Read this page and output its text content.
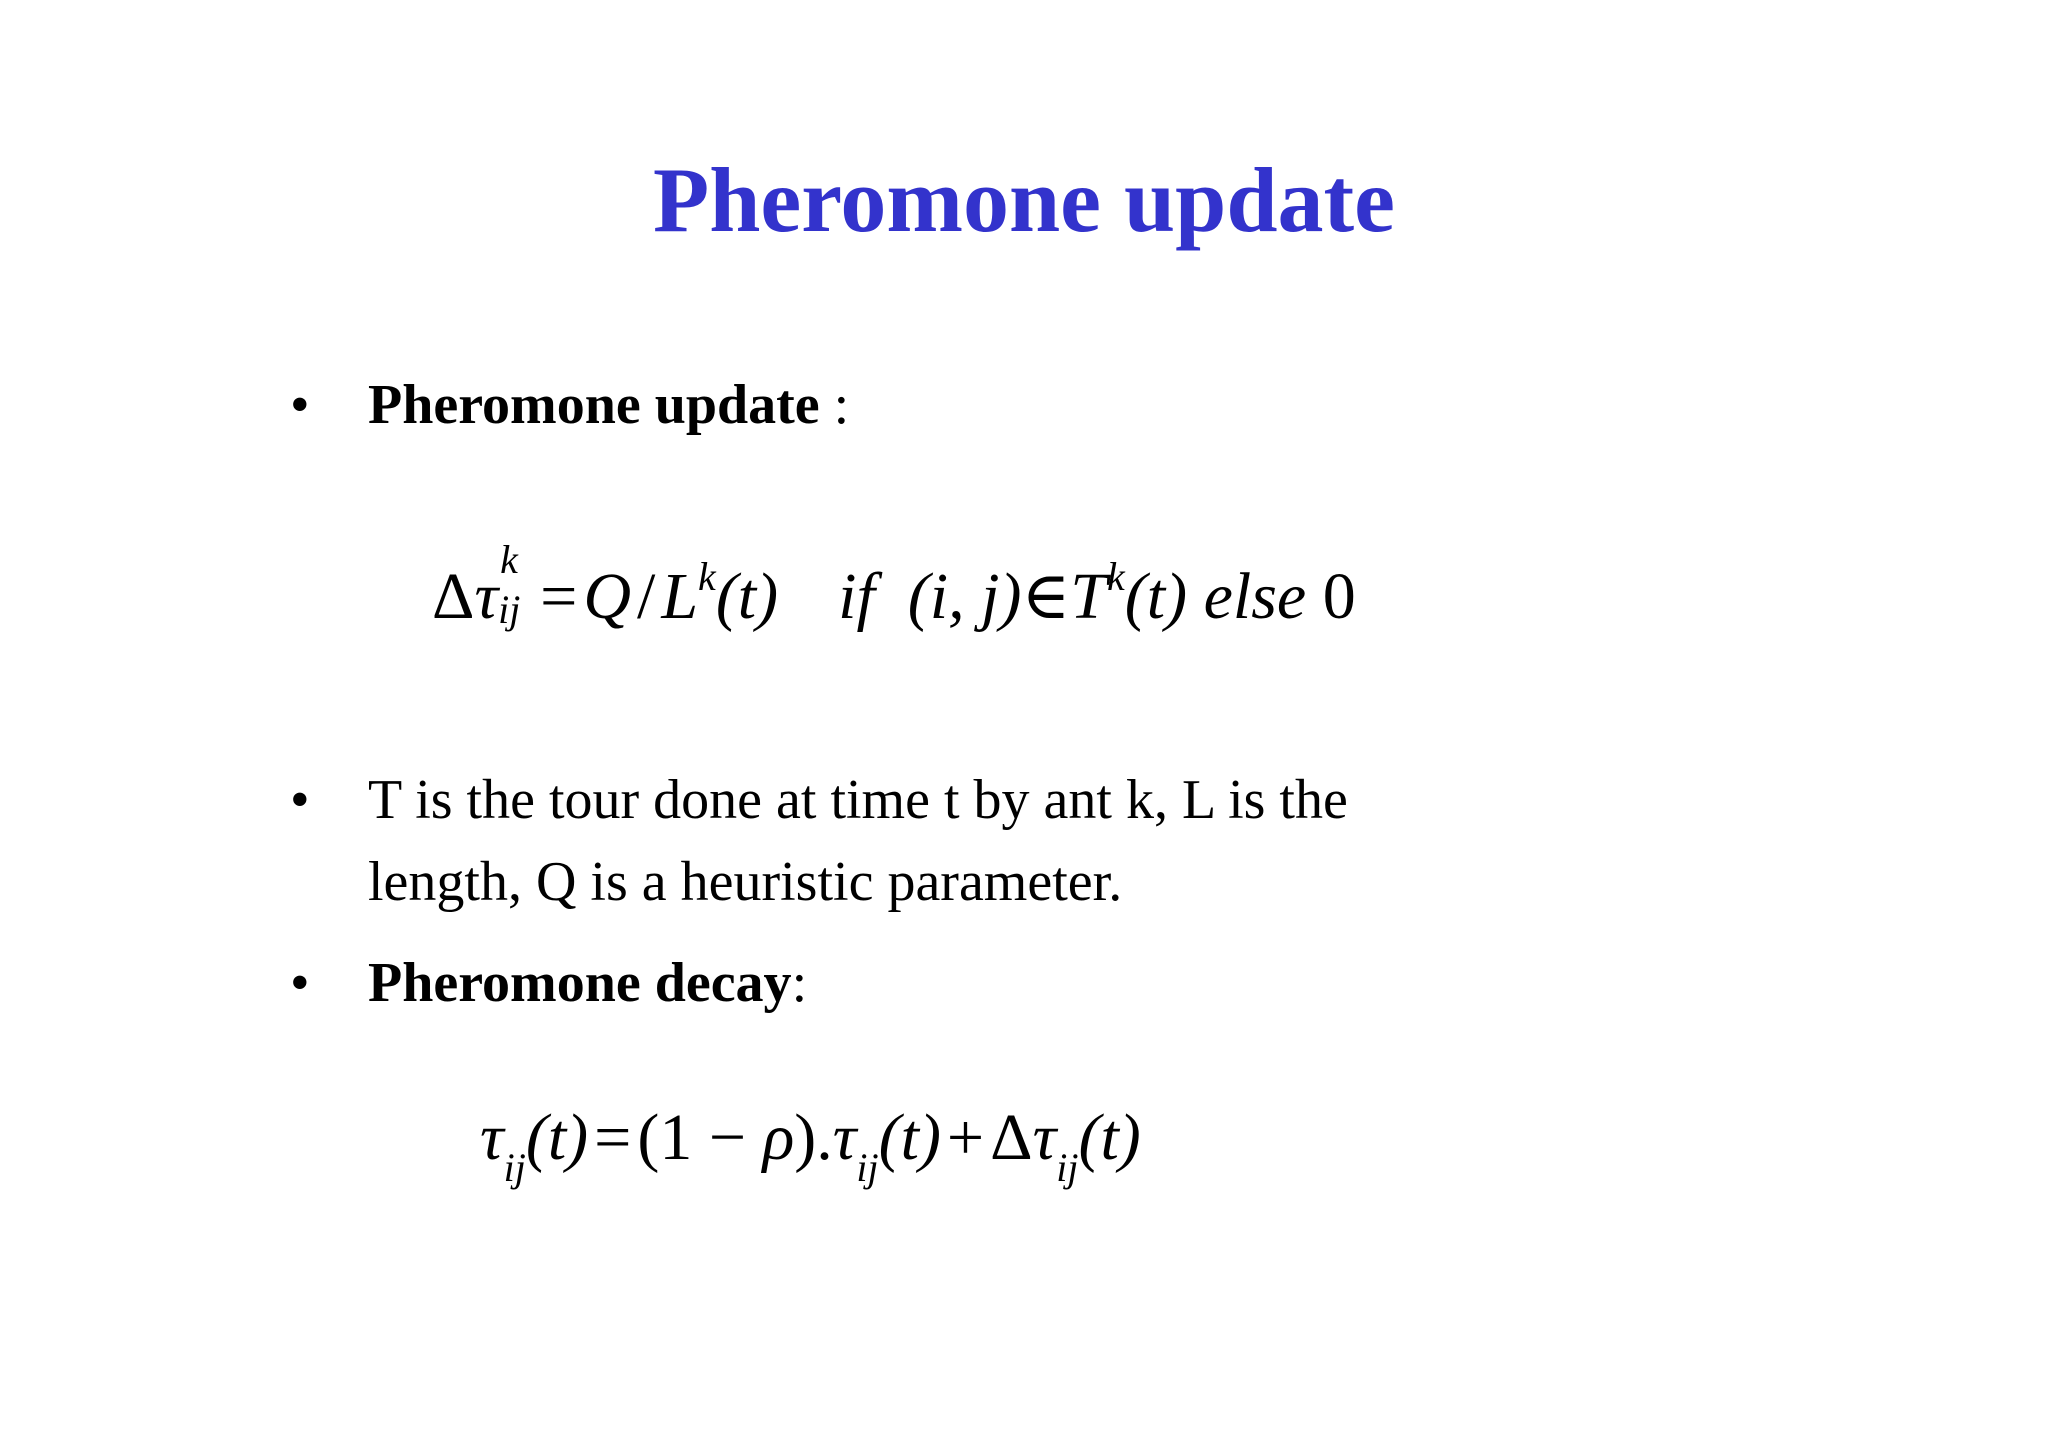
Pheromone update
• Pheromone update :
Δτ
k
ij $=Q/L^k(t)$ if (i, $j)\in T^k(t)$ else 0
• T is the tour done at time t by ant k, L is the
length, Q is a heuristic parameter.
• Pheromone decay:
$\tau_{ij}(t)=(1 - \rho).\tau_{ij}(t)+\Delta\tau_{ij}(t)$
